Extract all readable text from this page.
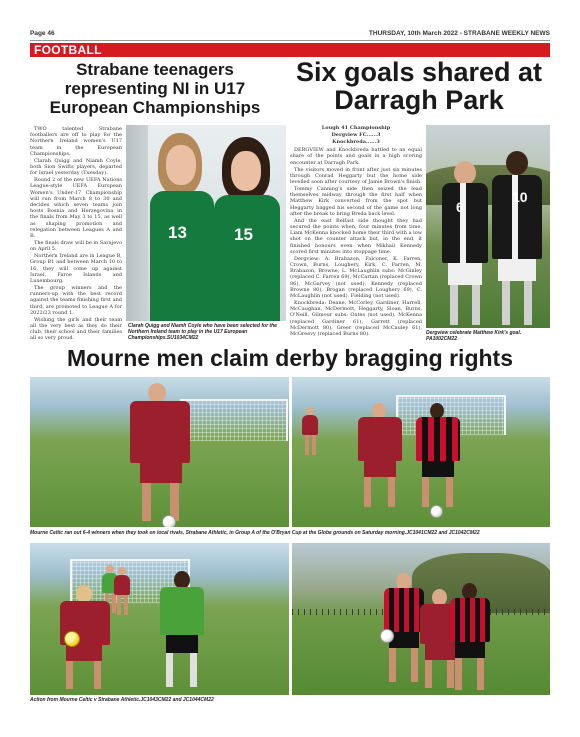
Page 46	THURSDAY, 10th March 2022 - STRABANE WEEKLY NEWS
FOOTBALL
Strabane teenagers representing NI in U17 European Championships

TWO talented Strabane footballers are off to play for the Northern Ireland women's U17 team in the European Championships.

Clarah Quigg and Niamh Coyle, both Sion Swifts players, departed for Israel yesterday (Tuesday).

Round 2 of the new UEFA Nations League-style UEFA European Women's Under-17 Championship will run from March 8 to 30 and decides which seven teams join hosts Bosnia and Herzegovina in the finals from May 3 to 15, as well as shaping promotion and relegation between Leagues A and B.

The finals draw will be in Sarajevo on April 5.

Northern Ireland are in League B, Group B1 and between March 10 to 16, they will come up against Israel, Faroe Islands and Luxembourg.

The group winners and the runners-up with the best record against the teams finishing first and third, are promoted to League A for 2022/23 round 1.

Wishing the girls and their team all the very best as they do their club, their school and their families all so very proud.

13	15
Clarah Quigg and Niamh Coyle who have been selected for the Northern Ireland team to play in the U17 European Championships.SU1034CM22
Six goals shared at Darragh Park

Lough 41 Championship

Dergview FC......3

Knockbreda......3

DERGVIEW and Knockbreda battled to an equal share of the points and goals in a high scoring encounter at Darragh Park.

The visitors moved in front after just six minutes through Conrad Heggarty but the home side levelled soon after courtesy of Jamie Brown's finish.

Tommy Canning's side then seized the lead themselves midway through the first half when Matthew Kirk converted from the spot but Heggarty bagged his second of the game not long after the break to bring Breda back level.

And the east Belfast side thought they had secured the points when, four minutes from time, Liam McKenna knocked home their third with a low shot on the counter attack but, in the end, it finished honours even when Mikhail Kennedy scored first minutes into stoppage time.

Dergview: A. Brabazon, Falconer, K. Farren, Crown, Burns, Loughery, Kirk, C. Farren, M. Brabazon, Browne, L. McLaughlin subs: McGinley (replaced C. Farren 69), McCartan (replaced Crown 86), McGarvey (not used), Kennedy (replaced Browne 80), Brogan (replaced Loughery 69), C. McLaughlin (not used), Fielding (not used).

Knockbreda: Deane, McCorley, Gardiner, Harrell, McCaughan, McDermott, Heggarty, Sloan, Burns, O'Neill, Gilmour subs: Oates (not used), McKenna (replaced Gardiner 61), Garrett (replaced McDermott 80), Greer (replaced McCauley 61), McGreevy (replaced Burns 80).

6
10
Dergview celebrate Matthew Kirk's goal. PA1002CM22
Mourne men claim derby bragging rights
Mourne Celtic ran out 6-4 winners when they took on local rivals, Strabane Athletic, in Group A of the O'Bryan Cup at the Globe grounds on Saturday morning.JC1041CM22 and JC1042CM22
Action from Mourne Celtic v Strabane Athletic.JC1043CM22 and JC1044CM22
